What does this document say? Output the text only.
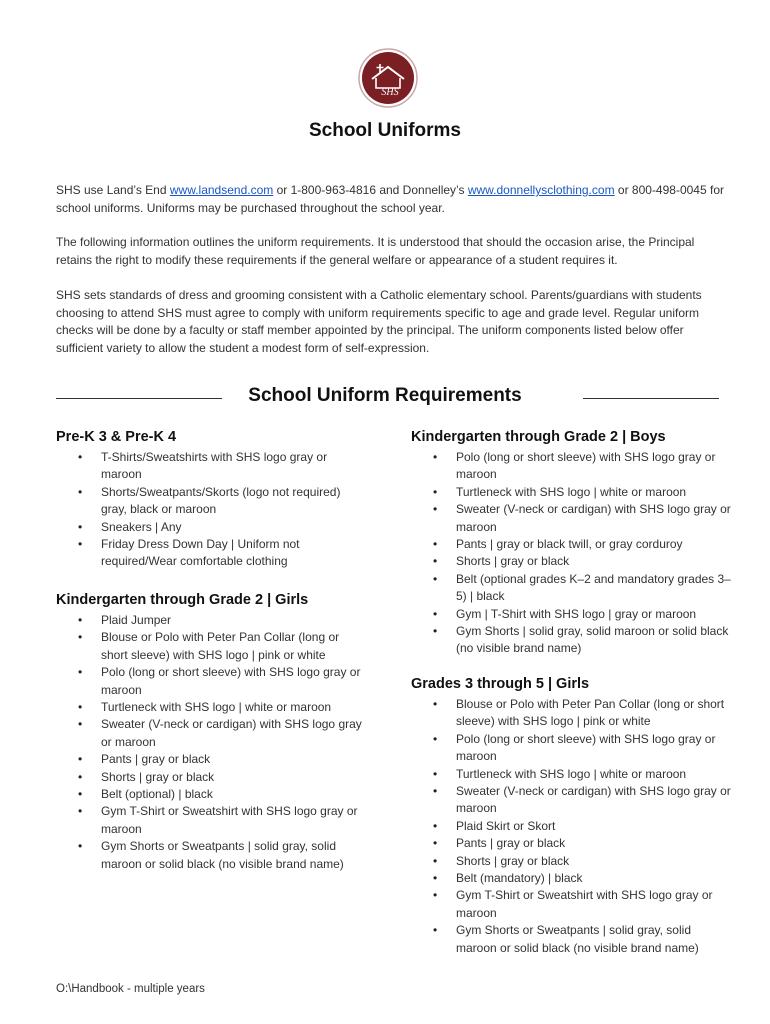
SHS
School Uniforms
SHS use Land’s End www.landsend.com or 1-800-963-4816 and Donnelley’s www.donnellysclothing.com or 800-498-0045 for school uniforms. Uniforms may be purchased throughout the school year.
The following information outlines the uniform requirements. It is understood that should the occasion arise, the Principal retains the right to modify these requirements if the general welfare or appearance of a student requires it.
SHS sets standards of dress and grooming consistent with a Catholic elementary school. Parents/guardians with students choosing to attend SHS must agree to comply with uniform requirements specific to age and grade level. Regular uniform checks will be done by a faculty or staff member appointed by the principal. The uniform components listed below offer sufficient variety to allow the student a modest form of self-expression.
School Uniform Requirements
Pre-K 3 & Pre-K 4
• T-Shirts/Sweatshirts with SHS logo gray or maroon
• Shorts/Sweatpants/Skorts (logo not required) gray, black or maroon
• Sneakers | Any
• Friday Dress Down Day | Uniform not required/Wear comfortable clothing
Kindergarten through Grade 2 | Girls
• Plaid Jumper
• Blouse or Polo with Peter Pan Collar (long or short sleeve) with SHS logo | pink or white
• Polo (long or short sleeve) with SHS logo gray or maroon
• Turtleneck with SHS logo | white or maroon
• Sweater (V-neck or cardigan) with SHS logo gray or maroon
• Pants | gray or black
• Shorts | gray or black
• Belt (optional) | black
• Gym T-Shirt or Sweatshirt with SHS logo gray or maroon
• Gym Shorts or Sweatpants | solid gray, solid maroon or solid black (no visible brand name)
Kindergarten through Grade 2 | Boys
• Polo (long or short sleeve) with SHS logo gray or maroon
• Turtleneck with SHS logo | white or maroon
• Sweater (V-neck or cardigan) with SHS logo gray or maroon
• Pants | gray or black twill, or gray corduroy
• Shorts | gray or black
• Belt (optional grades K–2 and mandatory grades 3–5) | black
• Gym | T-Shirt with SHS logo | gray or maroon
• Gym Shorts | solid gray, solid maroon or solid black (no visible brand name)
Grades 3 through 5 | Girls
• Blouse or Polo with Peter Pan Collar (long or short sleeve) with SHS logo | pink or white
• Polo (long or short sleeve) with SHS logo gray or maroon
• Turtleneck with SHS logo | white or maroon
• Sweater (V-neck or cardigan) with SHS logo gray or maroon
• Plaid Skirt or Skort
• Pants | gray or black
• Shorts | gray or black
• Belt (mandatory) | black
• Gym T-Shirt or Sweatshirt with SHS logo gray or maroon
• Gym Shorts or Sweatpants | solid gray, solid maroon or solid black (no visible brand name)
O:\Handbook - multiple years
